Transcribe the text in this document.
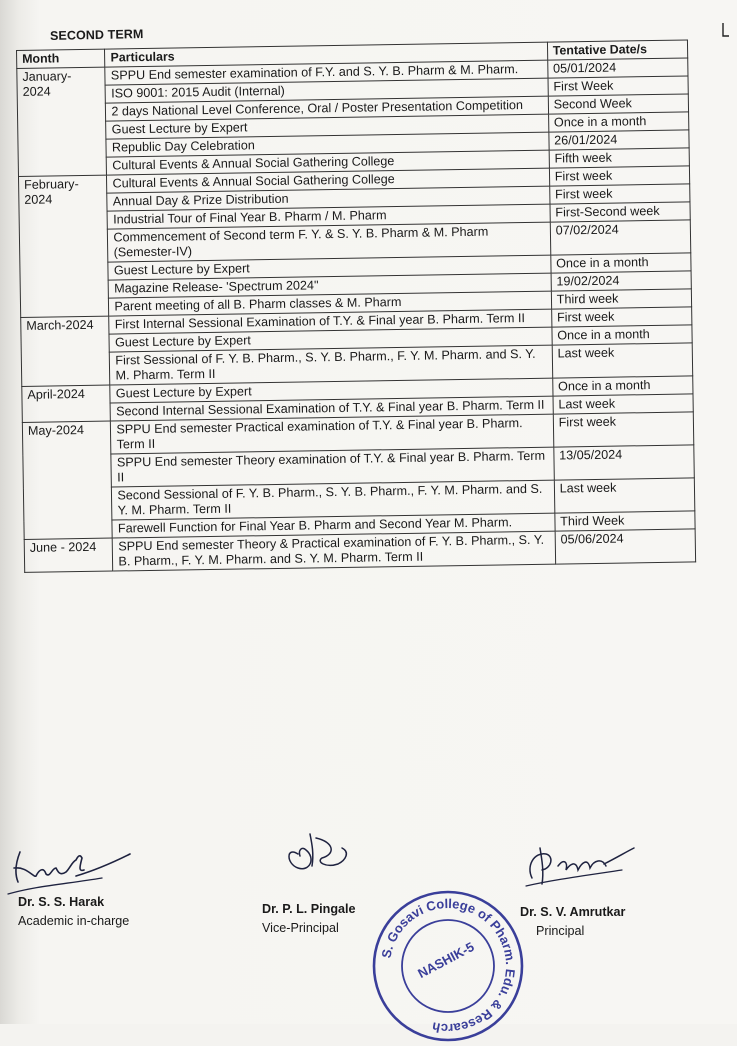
SECOND TERM
Month	Particulars	Tentative Date/s
January-
2024	SPPU End semester examination of F.Y. and S. Y. B. Pharm & M. Pharm.	05/01/2024
	ISO 9001: 2015 Audit (Internal)	First Week
	2 days National Level Conference, Oral / Poster Presentation Competition	Second Week
	Guest Lecture by Expert	Once in a month
	Republic Day Celebration	26/01/2024
	Cultural Events & Annual Social Gathering College	Fifth week
February-
2024	Cultural Events & Annual Social Gathering College	First week
	Annual Day & Prize Distribution	First week
	Industrial Tour of Final Year B. Pharm / M. Pharm	First-Second week
	Commencement of Second term F. Y. & S. Y. B. Pharm & M. Pharm (Semester-IV)	07/02/2024
	Guest Lecture by Expert	Once in a month
	Magazine Release- 'Spectrum 2024"	19/02/2024
	Parent meeting of all B. Pharm classes & M. Pharm	Third week
March-2024	First Internal Sessional Examination of T.Y. & Final year B. Pharm. Term II	First week
	Guest Lecture by Expert	Once in a month
	First Sessional of F. Y. B. Pharm., S. Y. B. Pharm., F. Y. M. Pharm. and S. Y. M. Pharm. Term II	Last week
April-2024	Guest Lecture by Expert	Once in a month
	Second Internal Sessional Examination of T.Y. & Final year B. Pharm. Term II	Last week
May-2024	SPPU End semester Practical examination of T.Y. & Final year B. Pharm. Term II	First week
	SPPU End semester Theory examination of T.Y. & Final year B. Pharm. Term II	13/05/2024
	Second Sessional of F. Y. B. Pharm., S. Y. B. Pharm., F. Y. M. Pharm. and S. Y. M. Pharm. Term II	Last week
	Farewell Function for Final Year B. Pharm and Second Year M. Pharm.	Third Week
June - 2024	SPPU End semester Theory & Practical examination of F. Y. B. Pharm., S. Y. B. Pharm., F. Y. M. Pharm. and S. Y. M. Pharm. Term II	05/06/2024
Dr. S. S. Harak
Academic in-charge
Dr. P. L. Pingale
Vice-Principal
Dr. S. V. Amrutkar
Principal
S. Gosavi College of Pharm. Edu. & Research
NASHIK-5
